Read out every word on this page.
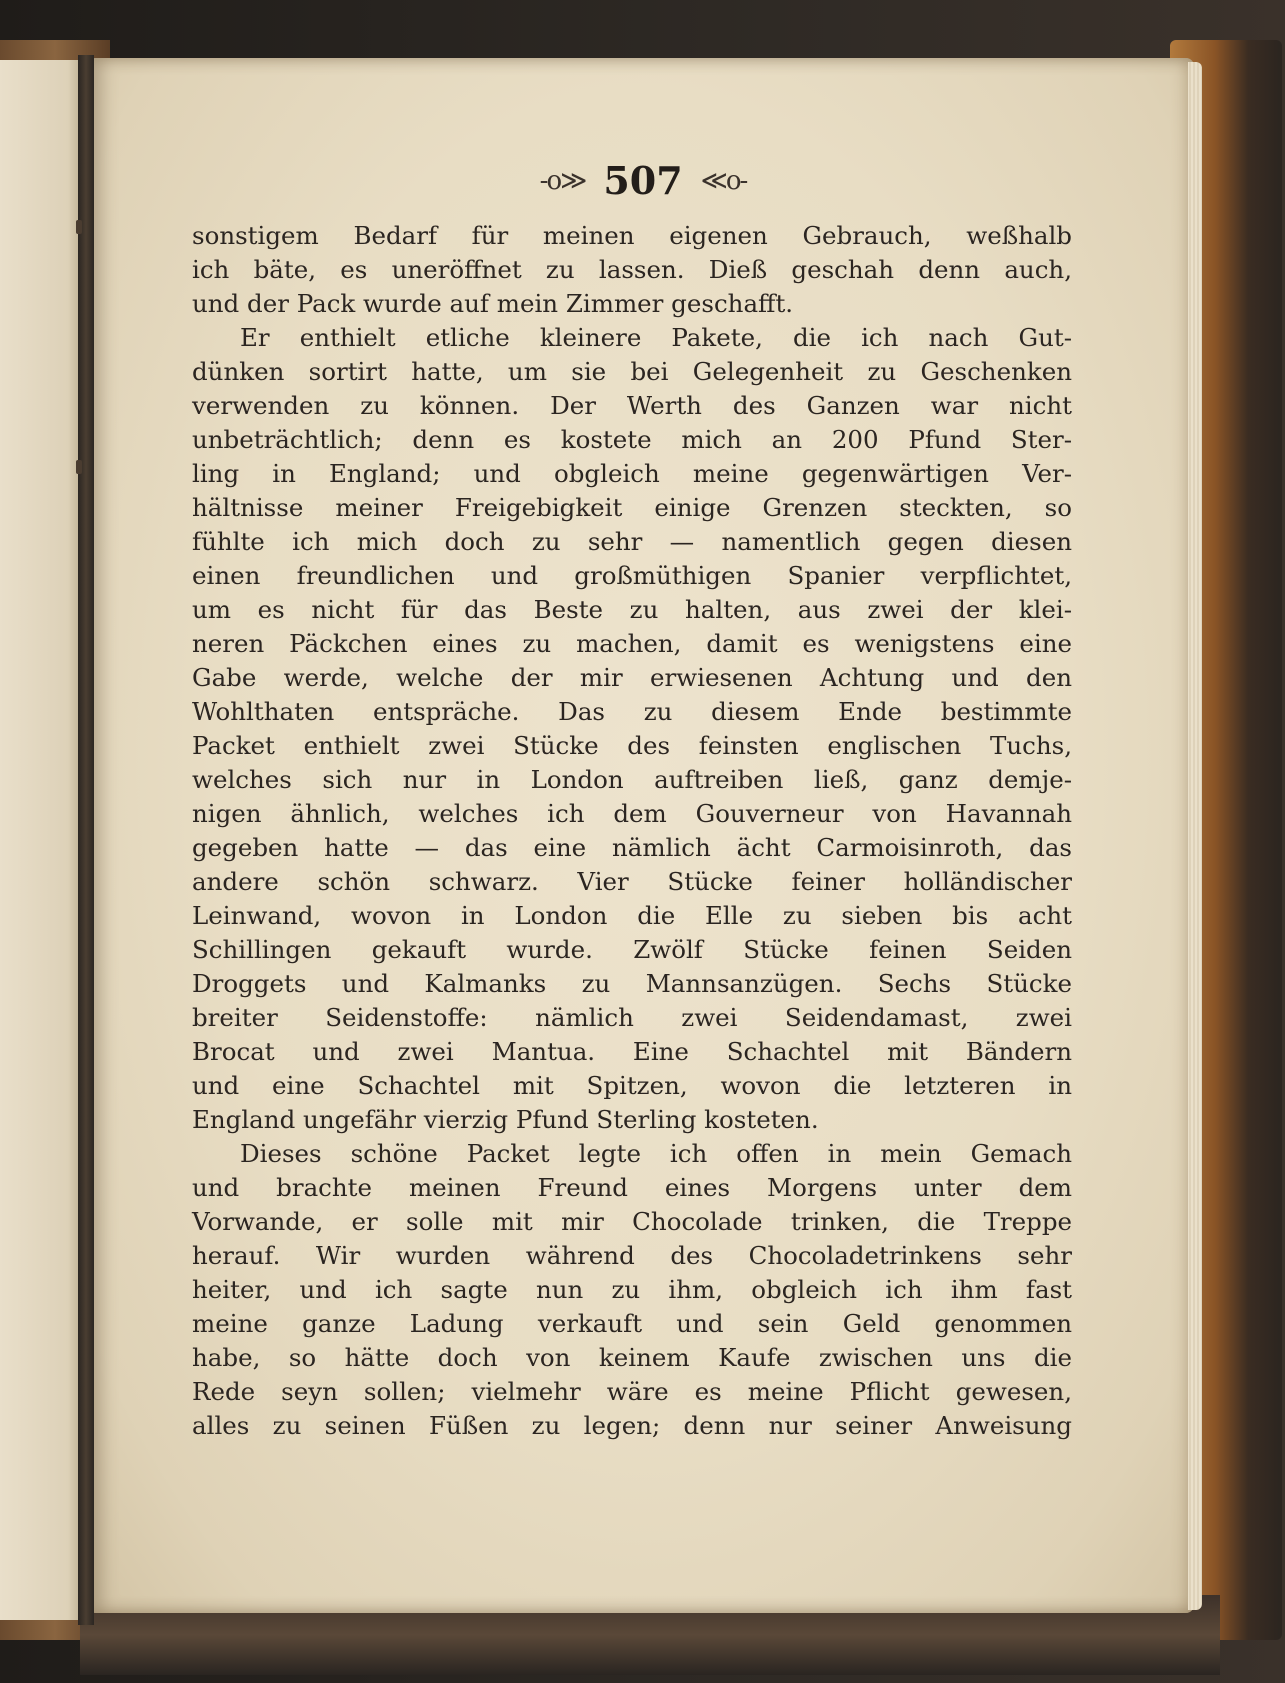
-o≫ 507 ≪o-
sonstigem Bedarf für meinen eigenen Gebrauch, weßhalb
ich bäte, es uneröffnet zu lassen. Dieß geschah denn auch,
und der Pack wurde auf mein Zimmer geschafft.
Er enthielt etliche kleinere Pakete, die ich nach Gut-
dünken sortirt hatte, um sie bei Gelegenheit zu Geschenken
verwenden zu können. Der Werth des Ganzen war nicht
unbeträchtlich; denn es kostete mich an 200 Pfund Ster-
ling in England; und obgleich meine gegenwärtigen Ver-
hältnisse meiner Freigebigkeit einige Grenzen steckten, so
fühlte ich mich doch zu sehr — namentlich gegen diesen
einen freundlichen und großmüthigen Spanier verpflichtet,
um es nicht für das Beste zu halten, aus zwei der klei-
neren Päckchen eines zu machen, damit es wenigstens eine
Gabe werde, welche der mir erwiesenen Achtung und den
Wohlthaten entspräche. Das zu diesem Ende bestimmte
Packet enthielt zwei Stücke des feinsten englischen Tuchs,
welches sich nur in London auftreiben ließ, ganz demje-
nigen ähnlich, welches ich dem Gouverneur von Havannah
gegeben hatte — das eine nämlich ächt Carmoisinroth, das
andere schön schwarz. Vier Stücke feiner holländischer
Leinwand, wovon in London die Elle zu sieben bis acht
Schillingen gekauft wurde. Zwölf Stücke feinen Seiden
Droggets und Kalmanks zu Mannsanzügen. Sechs Stücke
breiter Seidenstoffe: nämlich zwei Seidendamast, zwei
Brocat und zwei Mantua. Eine Schachtel mit Bändern
und eine Schachtel mit Spitzen, wovon die letzteren in
England ungefähr vierzig Pfund Sterling kosteten.
Dieses schöne Packet legte ich offen in mein Gemach
und brachte meinen Freund eines Morgens unter dem
Vorwande, er solle mit mir Chocolade trinken, die Treppe
herauf. Wir wurden während des Chocoladetrinkens sehr
heiter, und ich sagte nun zu ihm, obgleich ich ihm fast
meine ganze Ladung verkauft und sein Geld genommen
habe, so hätte doch von keinem Kaufe zwischen uns die
Rede seyn sollen; vielmehr wäre es meine Pflicht gewesen,
alles zu seinen Füßen zu legen; denn nur seiner Anweisung
